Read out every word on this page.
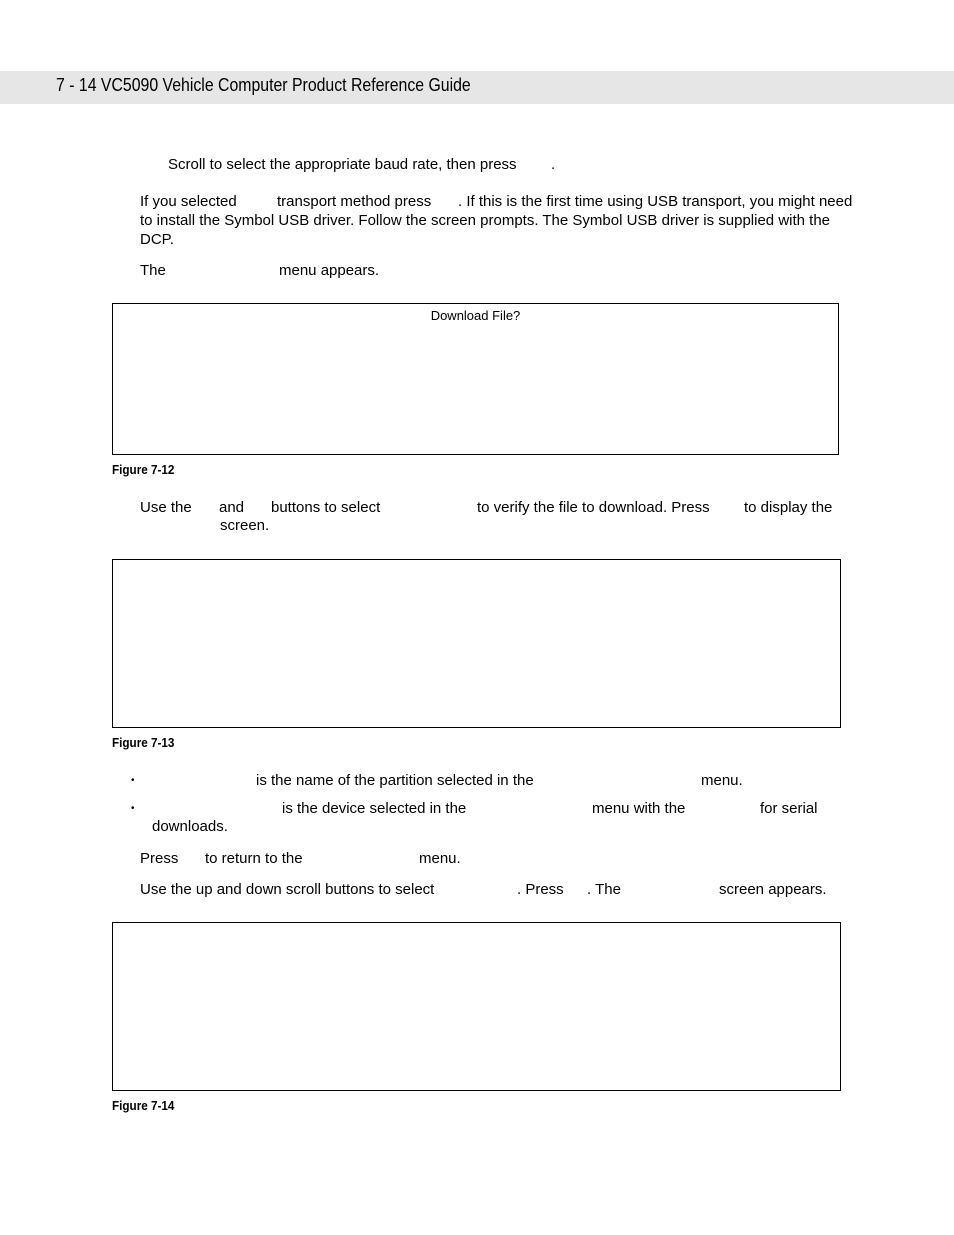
7 - 14 VC5090 Vehicle Computer Product Reference Guide
Scroll to select the appropriate baud rate, then press .
If you selected	transport method press . If this is the first time using USB transport, you might need
to install the Symbol USB driver. Follow the screen prompts. The Symbol USB driver is supplied with the
DCP.
The	menu appears.
Download File?
Figure 7-12
Use the and buttons to select	to verify the file to download. Press to display the
screen.
Figure 7-13
•	is the name of the partition selected in the	menu.
•	is the device selected in the	menu with the	for serial
downloads.
Press to return to the	menu.
Use the up and down scroll buttons to select	. Press . The	screen appears.
Figure 7-14
